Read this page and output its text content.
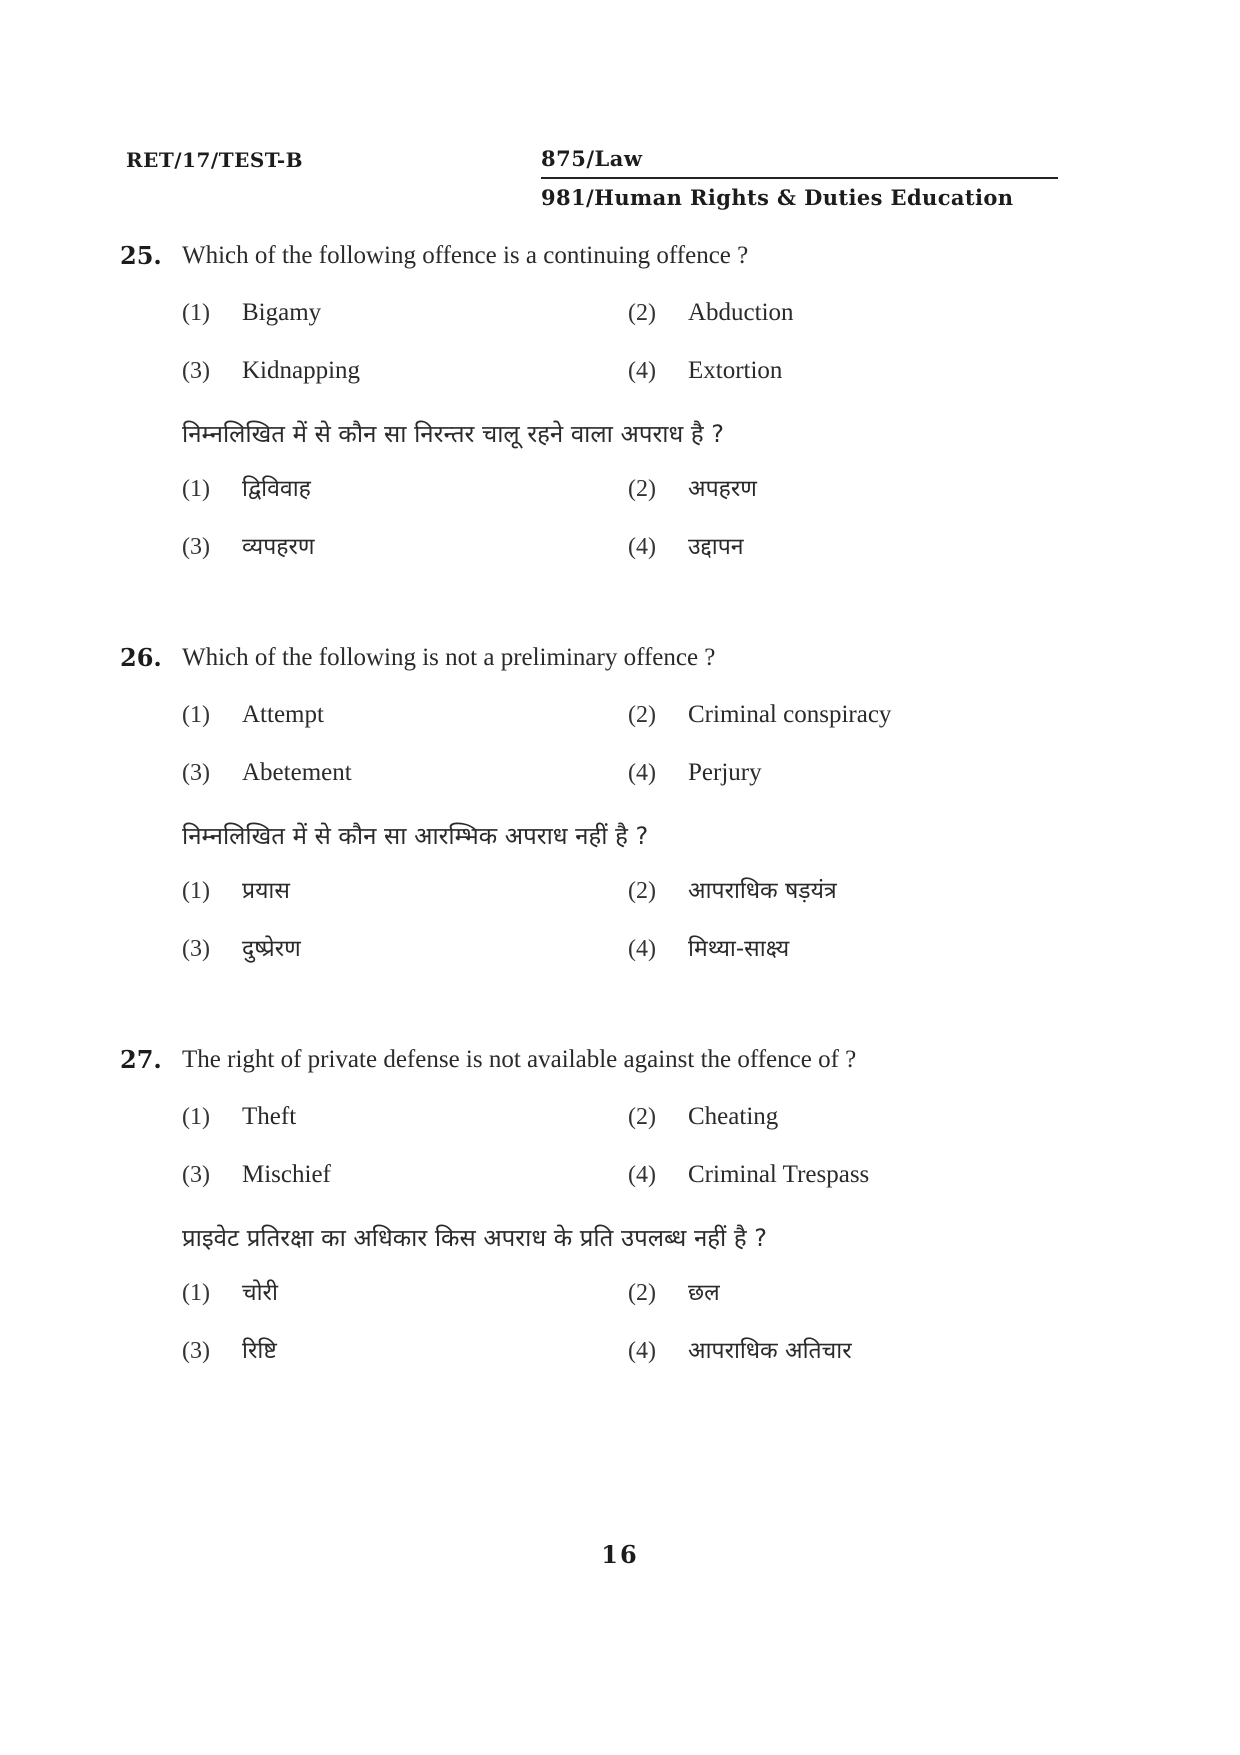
RET/17/TEST-B	875/Law
981/Human Rights & Duties Education
25. Which of the following offence is a continuing offence ?
(1) Bigamy	(2) Abduction
(3) Kidnapping	(4) Extortion
निम्नलिखित में से कौन सा निरन्तर चालू रहने वाला अपराध है ?
(1) द्विविवाह	(2) अपहरण
(3) व्यपहरण	(4) उद्दापन
26. Which of the following is not a preliminary offence ?
(1) Attempt	(2) Criminal conspiracy
(3) Abetement	(4) Perjury
निम्नलिखित में से कौन सा आरम्भिक अपराध नहीं है ?
(1) प्रयास	(2) आपराधिक षड़यंत्र
(3) दुष्प्रेरण	(4) मिथ्या-साक्ष्य
27. The right of private defense is not available against the offence of ?
(1) Theft	(2) Cheating
(3) Mischief	(4) Criminal Trespass
प्राइवेट प्रतिरक्षा का अधिकार किस अपराध के प्रति उपलब्ध नहीं है ?
(1) चोरी	(2) छल
(3) रिष्टि	(4) आपराधिक अतिचार
16
